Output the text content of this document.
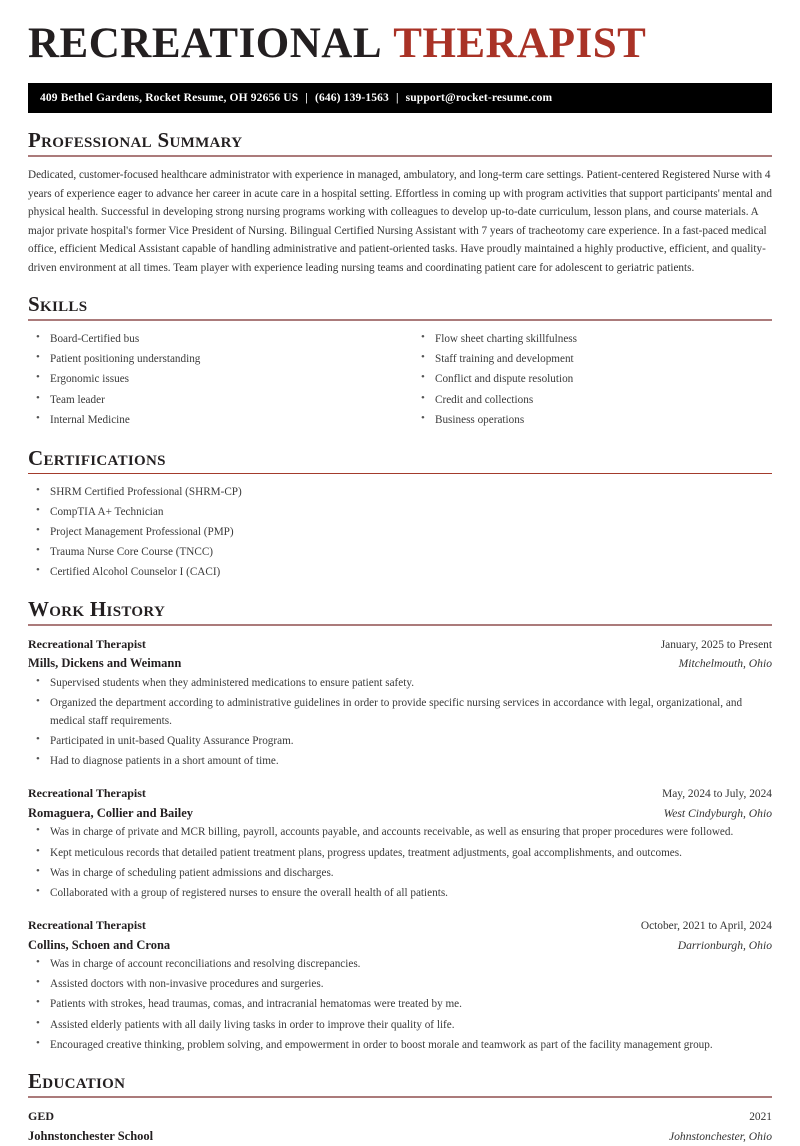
RECREATIONAL THERAPIST
409 Bethel Gardens, Rocket Resume, OH 92656 US | (646) 139-1563 | support@rocket-resume.com
Professional Summary
Dedicated, customer-focused healthcare administrator with experience in managed, ambulatory, and long-term care settings. Patient-centered Registered Nurse with 4 years of experience eager to advance her career in acute care in a hospital setting. Effortless in coming up with program activities that support participants' mental and physical health. Successful in developing strong nursing programs working with colleagues to develop up-to-date curriculum, lesson plans, and course materials. A major private hospital's former Vice President of Nursing. Bilingual Certified Nursing Assistant with 7 years of tracheotomy care experience. In a fast-paced medical office, efficient Medical Assistant capable of handling administrative and patient-oriented tasks. Have proudly maintained a highly productive, efficient, and quality-driven environment at all times. Team player with experience leading nursing teams and coordinating patient care for adolescent to geriatric patients.
Skills
• Board-Certified bus
• Patient positioning understanding
• Ergonomic issues
• Team leader
• Internal Medicine
• Flow sheet charting skillfulness
• Staff training and development
• Conflict and dispute resolution
• Credit and collections
• Business operations
Certifications
• SHRM Certified Professional (SHRM-CP)
• CompTIA A+ Technician
• Project Management Professional (PMP)
• Trauma Nurse Core Course (TNCC)
• Certified Alcohol Counselor I (CACI)
Work History
Recreational Therapist	January, 2025 to Present
Mills, Dickens and Weimann	Mitchelmouth, Ohio
• Supervised students when they administered medications to ensure patient safety.
• Organized the department according to administrative guidelines in order to provide specific nursing services in accordance with legal, organizational, and medical staff requirements.
• Participated in unit-based Quality Assurance Program.
• Had to diagnose patients in a short amount of time.
Recreational Therapist	May, 2024 to July, 2024
Romaguera, Collier and Bailey	West Cindyburgh, Ohio
• Was in charge of private and MCR billing, payroll, accounts payable, and accounts receivable, as well as ensuring that proper procedures were followed.
• Kept meticulous records that detailed patient treatment plans, progress updates, treatment adjustments, goal accomplishments, and outcomes.
• Was in charge of scheduling patient admissions and discharges.
• Collaborated with a group of registered nurses to ensure the overall health of all patients.
Recreational Therapist	October, 2021 to April, 2024
Collins, Schoen and Crona	Darrionburgh, Ohio
• Was in charge of account reconciliations and resolving discrepancies.
• Assisted doctors with non-invasive procedures and surgeries.
• Patients with strokes, head traumas, comas, and intracranial hematomas were treated by me.
• Assisted elderly patients with all daily living tasks in order to improve their quality of life.
• Encouraged creative thinking, problem solving, and empowerment in order to boost morale and teamwork as part of the facility management group.
Education
GED	2021
Johnstonchester School	Johnstonchester, Ohio
